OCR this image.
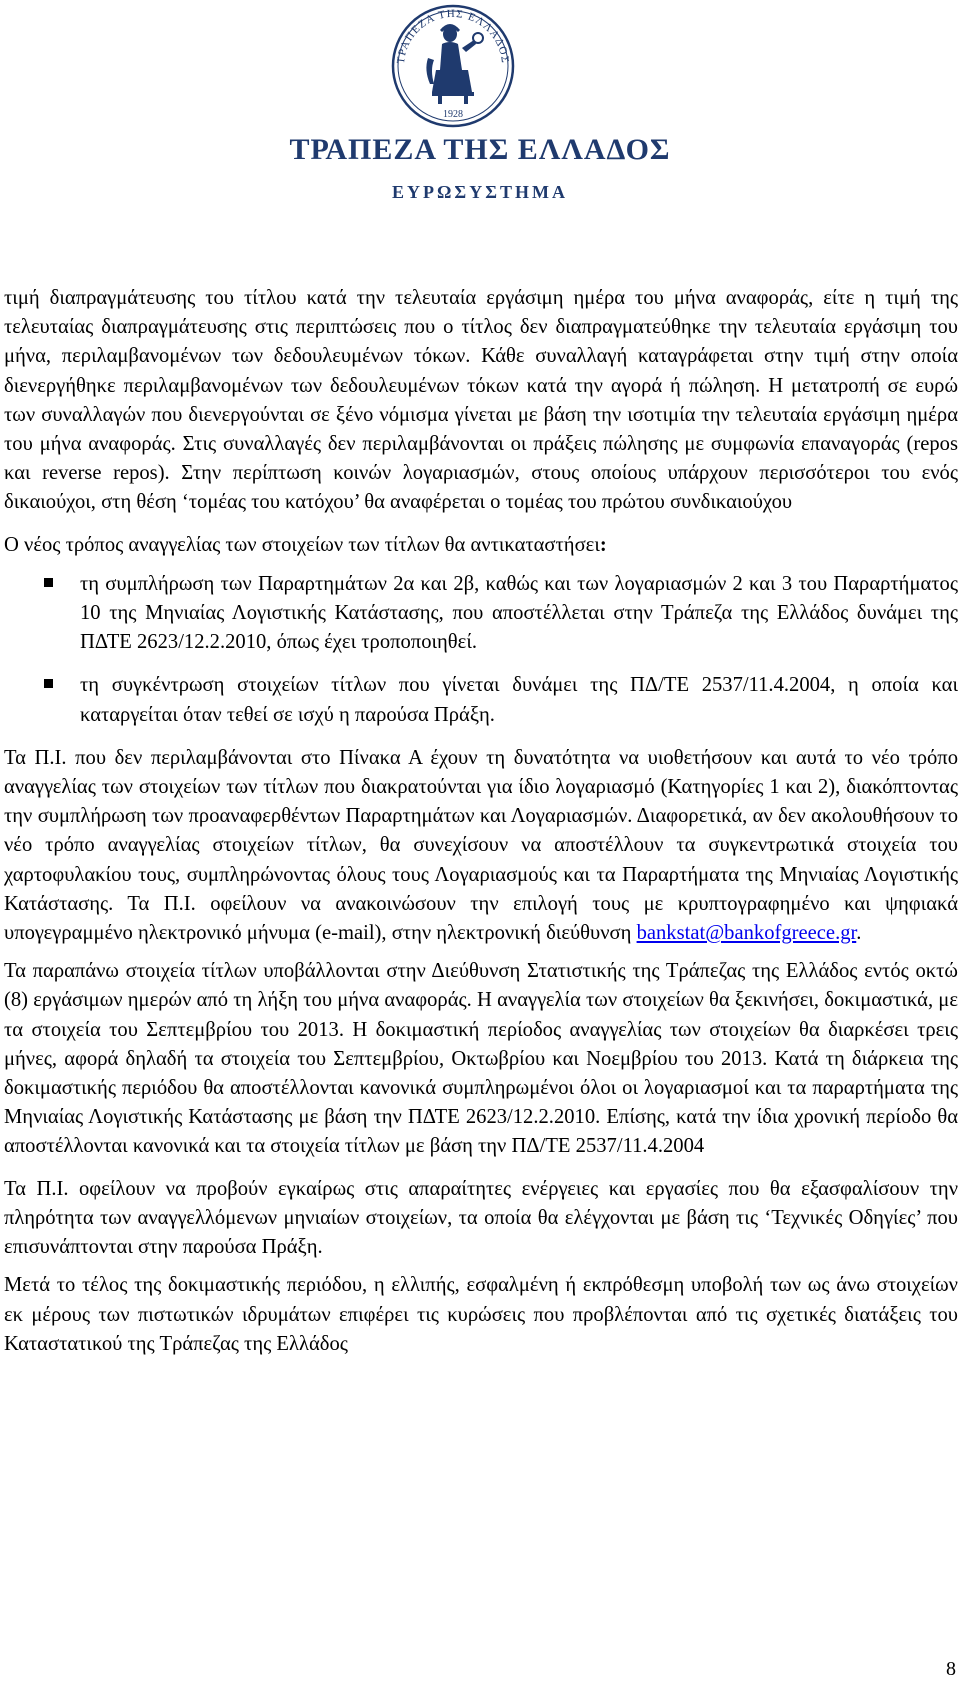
ΤΡΑΠΕΖΑ ΤΗΣ ΕΛΛΑΔΟΣ
1928
ΤΡΑΠΕΖΑ ΤΗΣ ΕΛΛΑΔΟΣ
ΕΥΡΩΣΥΣΤΗΜΑ

τιμή διαπραγμάτευσης του τίτλου κατά την τελευταία εργάσιμη ημέρα του μήνα αναφοράς, είτε η τιμή της τελευταίας διαπραγμάτευσης στις περιπτώσεις που ο τίτλος δεν διαπραγματεύθηκε την τελευταία εργάσιμη του μήνα, περιλαμβανομένων των δεδουλευμένων τόκων. Κάθε συναλλαγή καταγράφεται στην τιμή στην οποία διενεργήθηκε περιλαμβανομένων των δεδουλευμένων τόκων κατά την αγορά ή πώληση. Η μετατροπή σε ευρώ των συναλλαγών που διενεργούνται σε ξένο νόμισμα γίνεται με βάση την ισοτιμία την τελευταία εργάσιμη ημέρα του μήνα αναφοράς. Στις συναλλαγές δεν περιλαμβάνονται οι πράξεις πώλησης με συμφωνία επαναγοράς (repos και reverse repos). Στην περίπτωση κοινών λογαριασμών, στους οποίους υπάρχουν περισσότεροι του ενός δικαιούχοι, στη θέση ‘τομέας του κατόχου’ θα αναφέρεται ο τομέας του πρώτου συνδικαιούχου

Ο νέος τρόπος αναγγελίας των στοιχείων των τίτλων θα αντικαταστήσει:

τη συμπλήρωση των Παραρτημάτων 2α και 2β, καθώς και των λογαριασμών 2 και 3 του Παραρτήματος 10 της Μηνιαίας Λογιστικής Κατάστασης, που αποστέλλεται στην Τράπεζα της Ελλάδος δυνάμει της ΠΔΤΕ 2623/12.2.2010, όπως έχει τροποποιηθεί.
τη συγκέντρωση στοιχείων τίτλων που γίνεται δυνάμει της ΠΔ/ΤΕ 2537/11.4.2004, η οποία και καταργείται όταν τεθεί σε ισχύ η παρούσα Πράξη.

Τα Π.Ι. που δεν περιλαμβάνονται στο Πίνακα Α έχουν τη δυνατότητα να υιοθετήσουν και αυτά το νέο τρόπο αναγγελίας των στοιχείων των τίτλων που διακρατούνται για ίδιο λογαριασμό (Κατηγορίες 1 και 2), διακόπτοντας την συμπλήρωση των προαναφερθέντων Παραρτημάτων και Λογαριασμών. Διαφορετικά, αν δεν ακολουθήσουν το νέο τρόπο αναγγελίας στοιχείων τίτλων, θα συνεχίσουν να αποστέλλουν τα συγκεντρωτικά στοιχεία του χαρτοφυλακίου τους, συμπληρώνοντας όλους τους Λογαριασμούς και τα Παραρτήματα της Μηνιαίας Λογιστικής Κατάστασης. Τα Π.Ι. οφείλουν να ανακοινώσουν την επιλογή τους με κρυπτογραφημένο και ψηφιακά υπογεγραμμένο ηλεκτρονικό μήνυμα (e-mail), στην ηλεκτρονική διεύθυνση bankstat@bankofgreece.gr.

Τα παραπάνω στοιχεία τίτλων υποβάλλονται στην Διεύθυνση Στατιστικής της Τράπεζας της Ελλάδος εντός οκτώ (8) εργάσιμων ημερών από τη λήξη του μήνα αναφοράς. Η αναγγελία των στοιχείων θα ξεκινήσει, δοκιμαστικά, με τα στοιχεία του Σεπτεμβρίου του 2013. Η δοκιμαστική περίοδος αναγγελίας των στοιχείων θα διαρκέσει τρεις μήνες, αφορά δηλαδή τα στοιχεία του Σεπτεμβρίου, Οκτωβρίου και Νοεμβρίου του 2013. Κατά τη διάρκεια της δοκιμαστικής περιόδου θα αποστέλλονται κανονικά συμπληρωμένοι όλοι οι λογαριασμοί και τα παραρτήματα της Μηνιαίας Λογιστικής Κατάστασης με βάση την ΠΔΤΕ 2623/12.2.2010. Επίσης, κατά την ίδια χρονική περίοδο θα αποστέλλονται κανονικά και τα στοιχεία τίτλων με βάση την ΠΔ/ΤΕ 2537/11.4.2004

Τα Π.Ι. οφείλουν να προβούν εγκαίρως στις απαραίτητες ενέργειες και εργασίες που θα εξασφαλίσουν την πληρότητα των αναγγελλόμενων μηνιαίων στοιχείων, τα οποία θα ελέγχονται με βάση τις ‘Τεχνικές Οδηγίες’ που επισυνάπτονται στην παρούσα Πράξη.

Μετά το τέλος της δοκιμαστικής περιόδου, η ελλιπής, εσφαλμένη ή εκπρόθεσμη υποβολή των ως άνω στοιχείων εκ μέρους των πιστωτικών ιδρυμάτων επιφέρει τις κυρώσεις που προβλέπονται από τις σχετικές διατάξεις του Καταστατικού της Τράπεζας της Ελλάδος

8
